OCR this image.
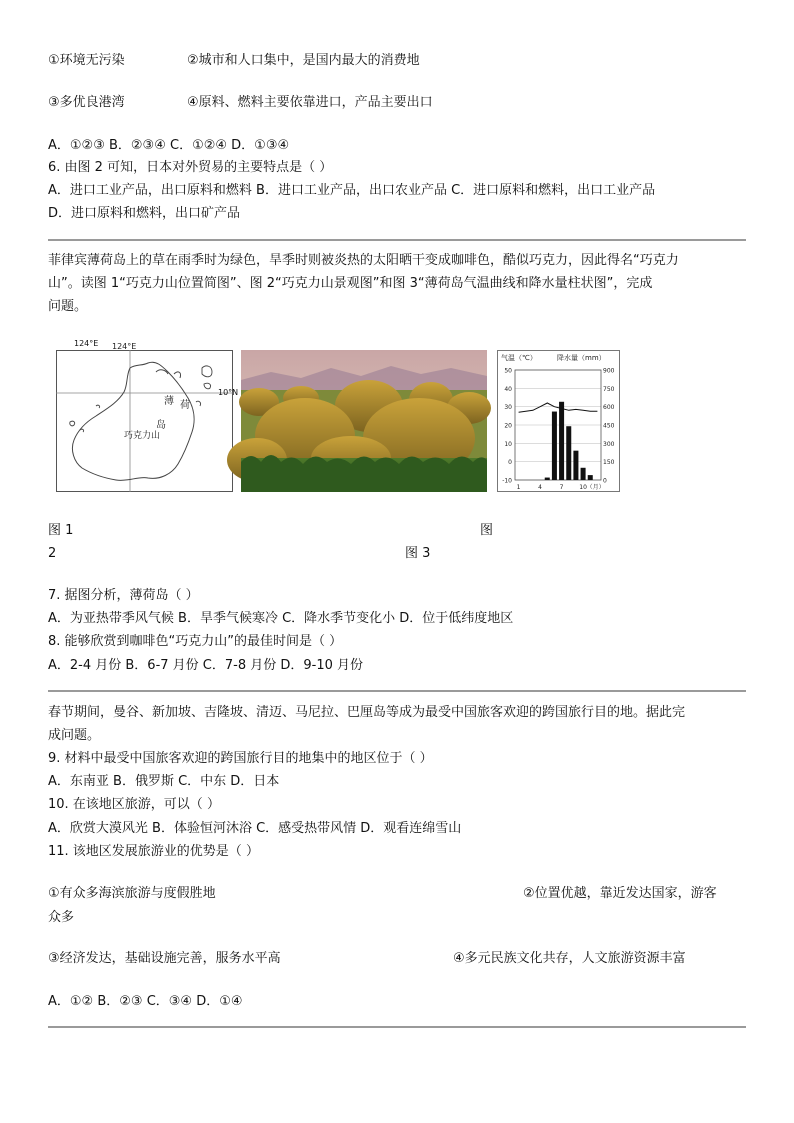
①环境无污染	②城市和人口集中，是国内最大的消费地
③多优良港湾	④原料、燃料主要依靠进口，产品主要出口
A．①②③ B．②③④ C．①②④ D．①③④
6. 由图 2 可知，日本对外贸易的主要特点是（ ）
A．进口工业产品，出口原料和燃料 B．进口工业产品，出口农业产品 C．进口原料和燃料，出口工业产品
D．进口原料和燃料，出口矿产品
菲律宾薄荷岛上的草在雨季时为绿色，旱季时则被炎热的太阳晒干变成咖啡色，酷似巧克力，因此得名“巧克力
山”。读图 1“巧克力山位置简图”、图 2“巧克力山景观图”和图 3“薄荷岛气温曲线和降水量柱状图”，完成
问题。
124°E
薄 荷
岛
巧克力山
124°E
10°N
气温（℃）	降水量（mm）
50	900
40	750
30	600
20	450
10	300
0	150
-10	0
1	4	7	10 （月）
图 1	图
2	图 3
7. 据图分析，薄荷岛（ ）
A．为亚热带季风气候 B．旱季气候寒冷 C．降水季节变化小 D．位于低纬度地区
8. 能够欣赏到咖啡色“巧克力山”的最佳时间是（ ）
A．2-4 月份 B．6-7 月份 C．7-8 月份 D．9-10 月份
春节期间，曼谷、新加坡、吉隆坡、清迈、马尼拉、巴厘岛等成为最受中国旅客欢迎的跨国旅行目的地。据此完
成问题。
9. 材料中最受中国旅客欢迎的跨国旅行目的地集中的地区位于（ ）
A．东南亚 B．俄罗斯 C．中东 D．日本
10. 在该地区旅游，可以（ ）
A．欣赏大漠风光 B．体验恒河沐浴 C．感受热带风情 D．观看连绵雪山
11. 该地区发展旅游业的优势是（ ）
①有众多海滨旅游与度假胜地	②位置优越，靠近发达国家，游客
众多
③经济发达，基础设施完善，服务水平高	④多元民族文化共存，人文旅游资源丰富
A．①② B．②③ C．③④ D．①④
